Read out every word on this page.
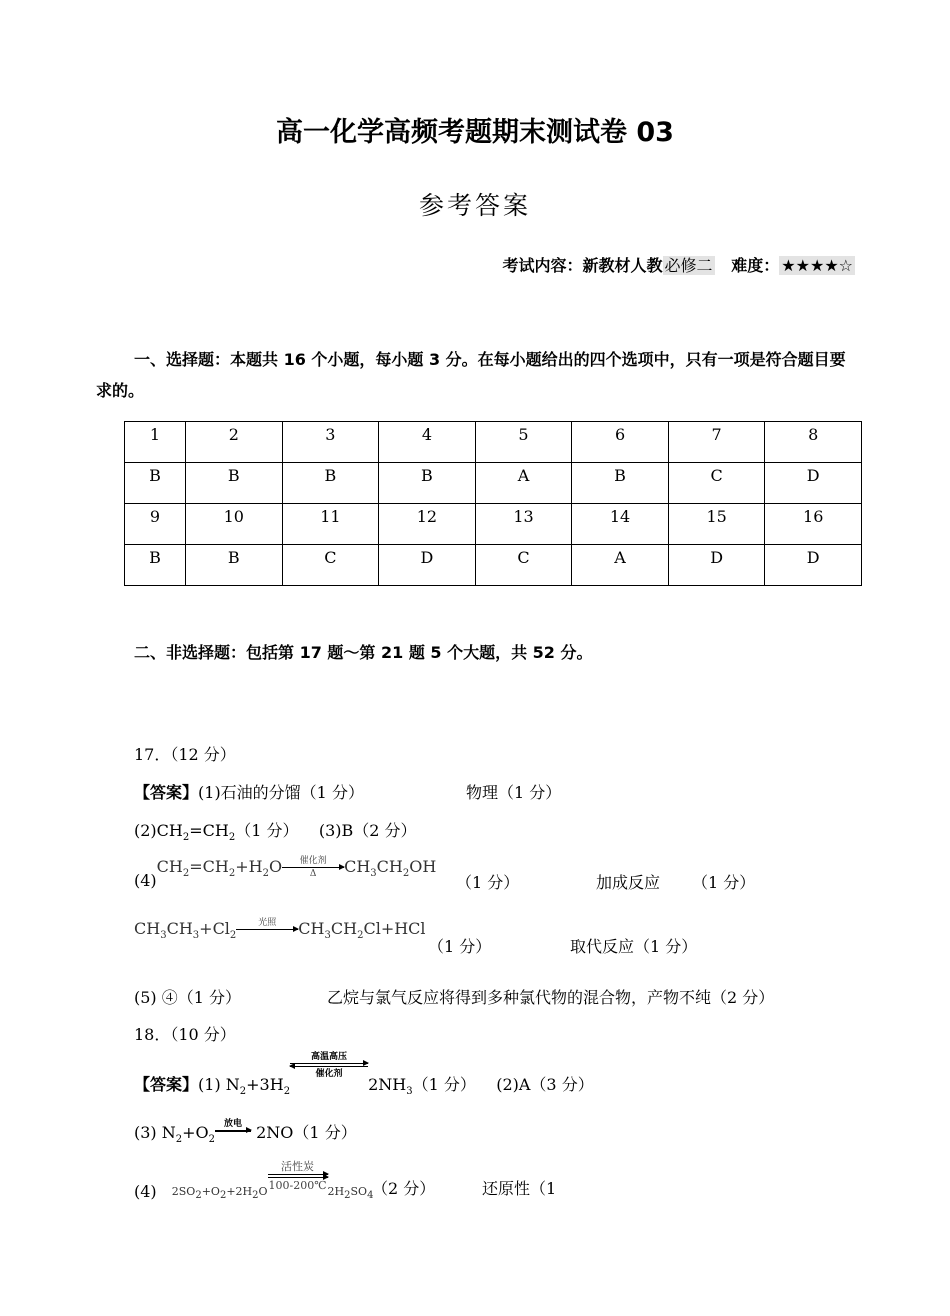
高一化学高频考题期末测试卷 03
参考答案
考试内容：新教材人教 必修二 难度： ★★★★☆
一、选择题：本题共 16 个小题，每小题 3 分。在每小题给出的四个选项中，只有一项是符合题目要求的。
1	2	3	4	5	6	7	8
B	B	B	B	A	B	C	D
9	10	11	12	13	14	15	16
B	B	C	D	C	A	D	D
二、非选择题：包括第 17 题～第 21 题 5 个大题，共 52 分。
17．（12 分）
【答案】(1)石油的分馏（1 分）	物理（1 分）
$(2)CH_2=CH_2(1$ 分） (3)B（2 分）
$(4)CH_2=CH_2+H_2O$	催化剂
Δ	$CH_3CH_2OH$
（1 分）	加成反应 （1 分）
$CH_3CH_3+Cl_2$
光照
	$CH_3CH_2Cl+HCl$
（1 分）	取代反应（1 分）
(5) ④（1 分）	乙烷与氯气反应将得到多种氯代物的混合物，产物不纯（2 分）
18．（10 分）
【答案】(1) $N_2+3H_2$
高温高压
催化剂
$2NH_3(1$ 分） (2)A（3 分）
(3) $N_2+O_2$
放电 2NO（1 分）
(4) $_{2SO_2+O_2+2H_2O}$
活性炭
100-200℃ $_{2H_2SO_4}$
（2 分）	还原性（1
